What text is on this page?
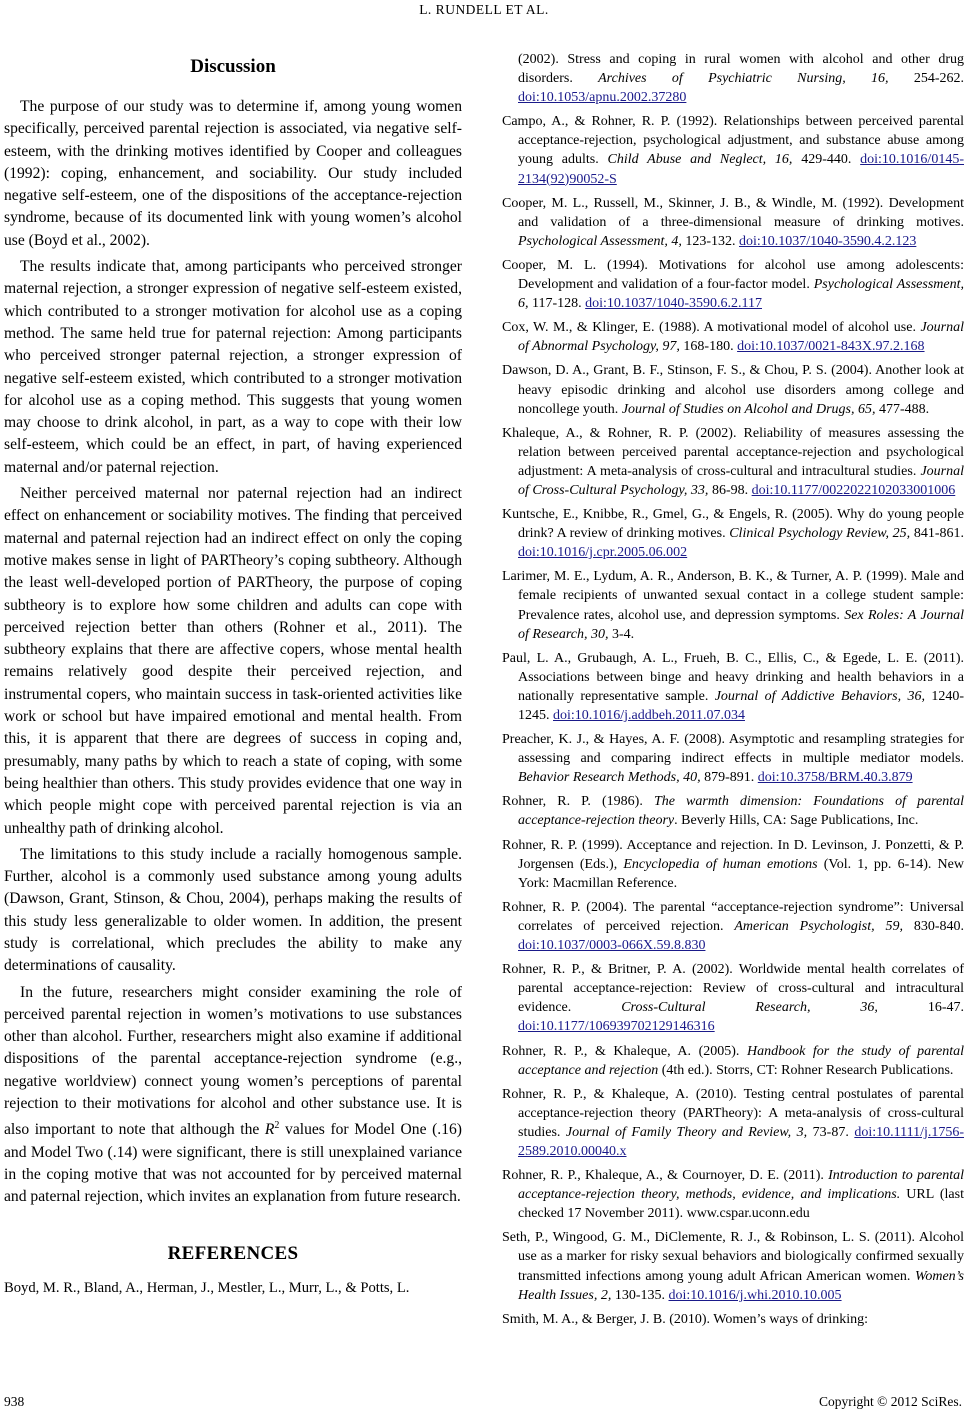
L. RUNDELL ET AL.
Discussion

The purpose of our study was to determine if, among young women specifically, perceived parental rejection is associated, via negative self-esteem, with the drinking motives identified by Cooper and colleagues (1992): coping, enhancement, and sociability. Our study included negative self-esteem, one of the dispositions of the acceptance-rejection syndrome, because of its documented link with young women’s alcohol use (Boyd et al., 2002).

The results indicate that, among participants who perceived stronger maternal rejection, a stronger expression of negative self-esteem existed, which contributed to a stronger motivation for alcohol use as a coping method. The same held true for paternal rejection: Among participants who perceived stronger paternal rejection, a stronger expression of negative self-esteem existed, which contributed to a stronger motivation for alcohol use as a coping method. This suggests that young women may choose to drink alcohol, in part, as a way to cope with their low self-esteem, which could be an effect, in part, of having experienced maternal and/or paternal rejection.

Neither perceived maternal nor paternal rejection had an indirect effect on enhancement or sociability motives. The finding that perceived maternal and paternal rejection had an indirect effect on only the coping motive makes sense in light of PARTheory’s coping subtheory. Although the least well-developed portion of PARTheory, the purpose of coping subtheory is to explore how some children and adults can cope with perceived rejection better than others (Rohner et al., 2011). The subtheory explains that there are affective copers, whose mental health remains relatively good despite their perceived rejection, and instrumental copers, who maintain success in task-oriented activities like work or school but have impaired emotional and mental health. From this, it is apparent that there are degrees of success in coping and, presumably, many paths by which to reach a state of coping, with some being healthier than others. This study provides evidence that one way in which people might cope with perceived parental rejection is via an unhealthy path of drinking alcohol.

The limitations to this study include a racially homogenous sample. Further, alcohol is a commonly used substance among young adults (Dawson, Grant, Stinson, & Chou, 2004), perhaps making the results of this study less generalizable to older women. In addition, the present study is correlational, which precludes the ability to make any determinations of causality.

In the future, researchers might consider examining the role of perceived parental rejection in women’s motivations to use substances other than alcohol. Further, researchers might also examine if additional dispositions of the parental acceptance-rejection syndrome (e.g., negative worldview) connect young women’s perceptions of parental rejection to their motivations for alcohol and other substance use. It is also important to note that although the $R^2$ values for Model One (.16) and Model Two (.14) were significant, there is still unexplained variance in the coping motive that was not accounted for by perceived maternal and paternal rejection, which invites an explanation from future research.

REFERENCES

Boyd, M. R., Bland, A., Herman, J., Mestler, L., Murr, L., & Potts, L.

(2002). Stress and coping in rural women with alcohol and other drug disorders. Archives of Psychiatric Nursing, 16, 254-262. doi:10.1053/apnu.2002.37280

Campo, A., & Rohner, R. P. (1992). Relationships between perceived parental acceptance-rejection, psychological adjustment, and substance abuse among young adults. Child Abuse and Neglect, 16, 429-440. doi:10.1016/0145-2134(92)90052-S

Cooper, M. L., Russell, M., Skinner, J. B., & Windle, M. (1992). Development and validation of a three-dimensional measure of drinking motives. Psychological Assessment, 4, 123-132. doi:10.1037/1040-3590.4.2.123

Cooper, M. L. (1994). Motivations for alcohol use among adolescents: Development and validation of a four-factor model. Psychological Assessment, 6, 117-128. doi:10.1037/1040-3590.6.2.117

Cox, W. M., & Klinger, E. (1988). A motivational model of alcohol use. Journal of Abnormal Psychology, 97, 168-180. doi:10.1037/0021-843X.97.2.168

Dawson, D. A., Grant, B. F., Stinson, F. S., & Chou, P. S. (2004). Another look at heavy episodic drinking and alcohol use disorders among college and noncollege youth. Journal of Studies on Alcohol and Drugs, 65, 477-488.

Khaleque, A., & Rohner, R. P. (2002). Reliability of measures assessing the relation between perceived parental acceptance-rejection and psychological adjustment: A meta-analysis of cross-cultural and intracultural studies. Journal of Cross-Cultural Psychology, 33, 86-98. doi:10.1177/0022022102033001006

Kuntsche, E., Knibbe, R., Gmel, G., & Engels, R. (2005). Why do young people drink? A review of drinking motives. Clinical Psychology Review, 25, 841-861. doi:10.1016/j.cpr.2005.06.002

Larimer, M. E., Lydum, A. R., Anderson, B. K., & Turner, A. P. (1999). Male and female recipients of unwanted sexual contact in a college student sample: Prevalence rates, alcohol use, and depression symptoms. Sex Roles: A Journal of Research, 30, 3-4.

Paul, L. A., Grubaugh, A. L., Frueh, B. C., Ellis, C., & Egede, L. E. (2011). Associations between binge and heavy drinking and health behaviors in a nationally representative sample. Journal of Addictive Behaviors, 36, 1240-1245. doi:10.1016/j.addbeh.2011.07.034

Preacher, K. J., & Hayes, A. F. (2008). Asymptotic and resampling strategies for assessing and comparing indirect effects in multiple mediator models. Behavior Research Methods, 40, 879-891. doi:10.3758/BRM.40.3.879

Rohner, R. P. (1986). The warmth dimension: Foundations of parental acceptance-rejection theory. Beverly Hills, CA: Sage Publications, Inc.

Rohner, R. P. (1999). Acceptance and rejection. In D. Levinson, J. Ponzetti, & P. Jorgensen (Eds.), Encyclopedia of human emotions (Vol. 1, pp. 6-14). New York: Macmillan Reference.

Rohner, R. P. (2004). The parental “acceptance-rejection syndrome”: Universal correlates of perceived rejection. American Psychologist, 59, 830-840. doi:10.1037/0003-066X.59.8.830

Rohner, R. P., & Britner, P. A. (2002). Worldwide mental health correlates of parental acceptance-rejection: Review of cross-cultural and intracultural evidence. Cross-Cultural Research, 36, 16-47. doi:10.1177/106939702129146316

Rohner, R. P., & Khaleque, A. (2005). Handbook for the study of parental acceptance and rejection (4th ed.). Storrs, CT: Rohner Research Publications.

Rohner, R. P., & Khaleque, A. (2010). Testing central postulates of parental acceptance-rejection theory (PARTheory): A meta-analysis of cross-cultural studies. Journal of Family Theory and Review, 3, 73-87. doi:10.1111/j.1756-2589.2010.00040.x

Rohner, R. P., Khaleque, A., & Cournoyer, D. E. (2011). Introduction to parental acceptance-rejection theory, methods, evidence, and implications. URL (last checked 17 November 2011). www.cspar.uconn.edu

Seth, P., Wingood, G. M., DiClemente, R. J., & Robinson, L. S. (2011). Alcohol use as a marker for risky sexual behaviors and biologically confirmed sexually transmitted infections among young adult African American women. Women’s Health Issues, 2, 130-135. doi:10.1016/j.whi.2010.10.005

Smith, M. A., & Berger, J. B. (2010). Women’s ways of drinking:

938	Copyright © 2012 SciRes.
